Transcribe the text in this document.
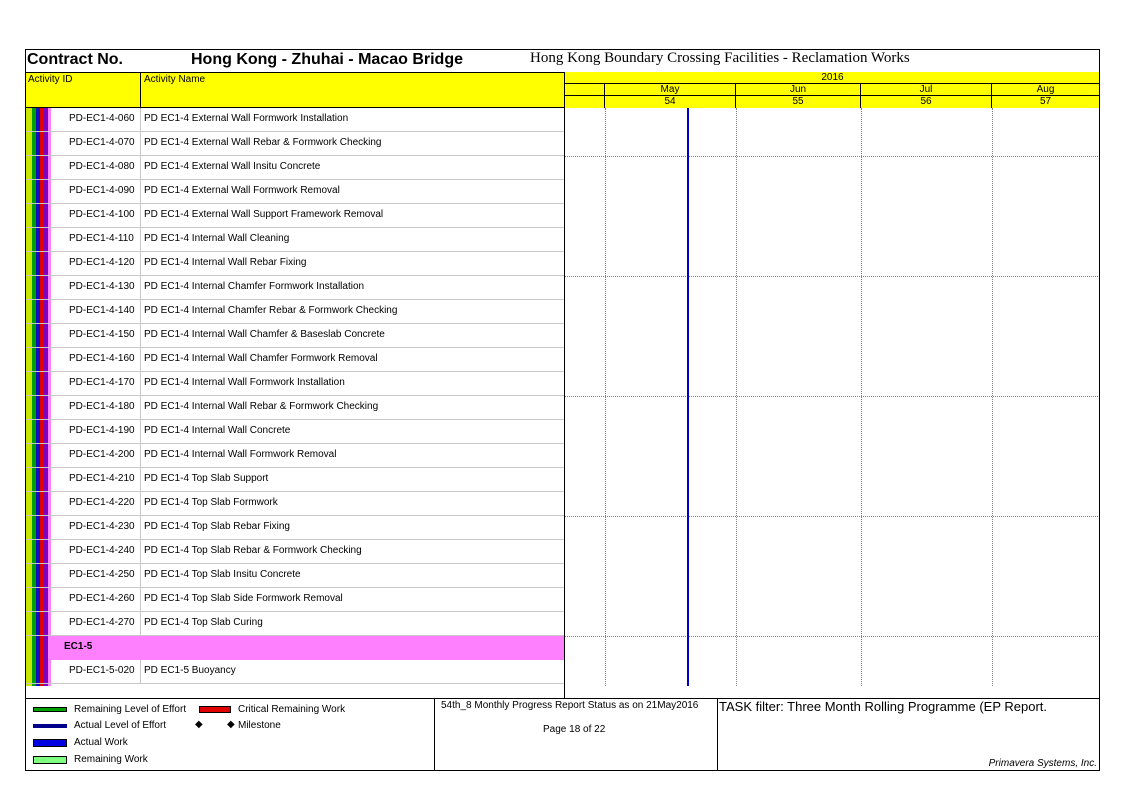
Contract No.	Hong Kong - Zhuhai - Macao Bridge	Hong Kong Boundary Crossing Facilities - Reclamation Works
Activity ID	Activity Name	2016
May	Jun	Jul	Aug
54	55	56	57
PD-EC1-4-060 PD EC1-4 External Wall Formwork Installation
PD-EC1-4-070 PD EC1-4 External Wall Rebar & Formwork Checking
PD-EC1-4-080 PD EC1-4 External Wall Insitu Concrete
PD-EC1-4-090 PD EC1-4 External Wall Formwork Removal
PD-EC1-4-100 PD EC1-4 External Wall Support Framework Removal
PD-EC1-4-110 PD EC1-4 Internal Wall Cleaning
PD-EC1-4-120 PD EC1-4 Internal Wall Rebar Fixing
PD-EC1-4-130 PD EC1-4 Internal Chamfer Formwork Installation
PD-EC1-4-140 PD EC1-4 Internal Chamfer Rebar & Formwork Checking
PD-EC1-4-150 PD EC1-4 Internal Wall Chamfer & Baseslab Concrete
PD-EC1-4-160 PD EC1-4 Internal Wall Chamfer Formwork Removal
PD-EC1-4-170 PD EC1-4 Internal Wall Formwork Installation
PD-EC1-4-180 PD EC1-4 Internal Wall Rebar & Formwork Checking
PD-EC1-4-190 PD EC1-4 Internal Wall Concrete
PD-EC1-4-200 PD EC1-4 Internal Wall Formwork Removal
PD-EC1-4-210 PD EC1-4 Top Slab Support
PD-EC1-4-220 PD EC1-4 Top Slab Formwork
PD-EC1-4-230 PD EC1-4 Top Slab Rebar Fixing
PD-EC1-4-240 PD EC1-4 Top Slab Rebar & Formwork Checking
PD-EC1-4-250 PD EC1-4 Top Slab Insitu Concrete
PD-EC1-4-260 PD EC1-4 Top Slab Side Formwork Removal
PD-EC1-4-270 PD EC1-4 Top Slab Curing
PD-EC1-5-020 PD EC1-5 Buoyancy
EC1-5
Remaining Level of Effort	Critical Remaining Work
Actual Level of Effort	◆ ◆ Milestone
Actual Work
Remaining Work
54th_8 Monthly Progress Report Status as on 21May2016
Page 18 of 22
TASK filter: Three Month Rolling Programme (EP Report.
Primavera Systems, Inc.
